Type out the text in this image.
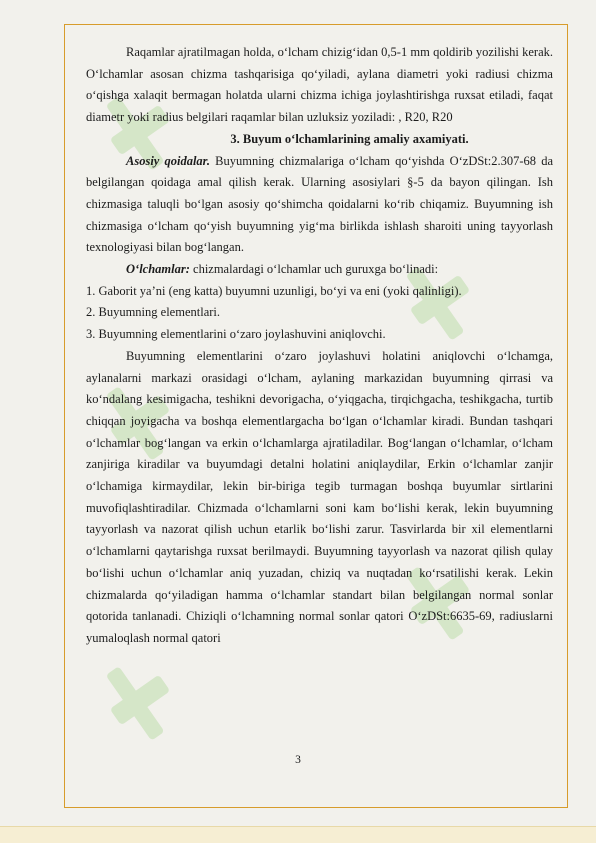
Raqamlar ajratilmagan holda, o‘lcham chizig‘idan 0,5-1 mm qoldirib yozilishi kerak. O‘lchamlar asosan chizma tashqarisiga qo‘yiladi, aylana diametri yoki radiusi chizma o‘qishga xalaqit bermagan holatda ularni chizma ichiga joylashtirishga ruxsat etiladi, faqat diametr yoki radius belgilari raqamlar bilan uzluksiz yoziladi: , R20, R20

3. Buyum o‘lchamlarining amaliy axamiyati.

Asosiy qoidalar. Buyumning chizmalariga o‘lcham qo‘yishda O‘zDSt:2.307-68 da belgilangan qoidaga amal qilish kerak. Ularning asosiylari §-5 da bayon qilingan. Ish chizmasiga taluqli bo‘lgan asosiy qo‘shimcha qoidalarni ko‘rib chiqamiz. Buyumning ish chizmasiga o‘lcham qo‘yish buyumning yig‘ma birlikda ishlash sharoiti uning tayyorlash texnologiyasi bilan bog‘langan.

O‘lchamlar: chizmalardagi o‘lchamlar uch guruxga bo‘linadi:

1. Gaborit ya’ni (eng katta) buyumni uzunligi, bo‘yi va eni (yoki qalinligi).

2. Buyumning elementlari.

3. Buyumning elementlarini o‘zaro joylashuvini aniqlovchi.

Buyumning elementlarini o‘zaro joylashuvi holatini aniqlovchi o‘lchamga, aylanalarni markazi orasidagi o‘lcham, aylaning markazidan buyumning qirrasi va ko‘ndalang kesimigacha, teshikni devorigacha, o‘yiqgacha, tirqichgacha, teshikgacha, turtib chiqqan joyigacha va boshqa elementlargacha bo‘lgan o‘lchamlar kiradi. Bundan tashqari o‘lchamlar bog‘langan va erkin o‘lchamlarga ajratiladilar. Bog‘langan o‘lchamlar, o‘lcham zanjiriga kiradilar va buyumdagi detalni holatini aniqlaydilar, Erkin o‘lchamlar zanjir o‘lchamiga kirmaydilar, lekin bir-biriga tegib turmagan boshqa buyumlar sirtlarini muvofiqlashtiradilar. Chizmada o‘lchamlarni soni kam bo‘lishi kerak, lekin buyumning tayyorlash va nazorat qilish uchun etarlik bo‘lishi zarur. Tasvirlarda bir xil elementlarni o‘lchamlarni qaytarishga ruxsat berilmaydi. Buyumning tayyorlash va nazorat qilish qulay bo‘lishi uchun o‘lchamlar aniq yuzadan, chiziq va nuqtadan ko‘rsatilishi kerak. Lekin chizmalarda qo‘yiladigan hamma o‘lchamlar standart bilan belgilangan normal sonlar qotorida tanlanadi. Chiziqli o‘lchamning normal sonlar qatori O‘zDSt:6635-69, radiuslarni yumaloqlash normal qatori

3
